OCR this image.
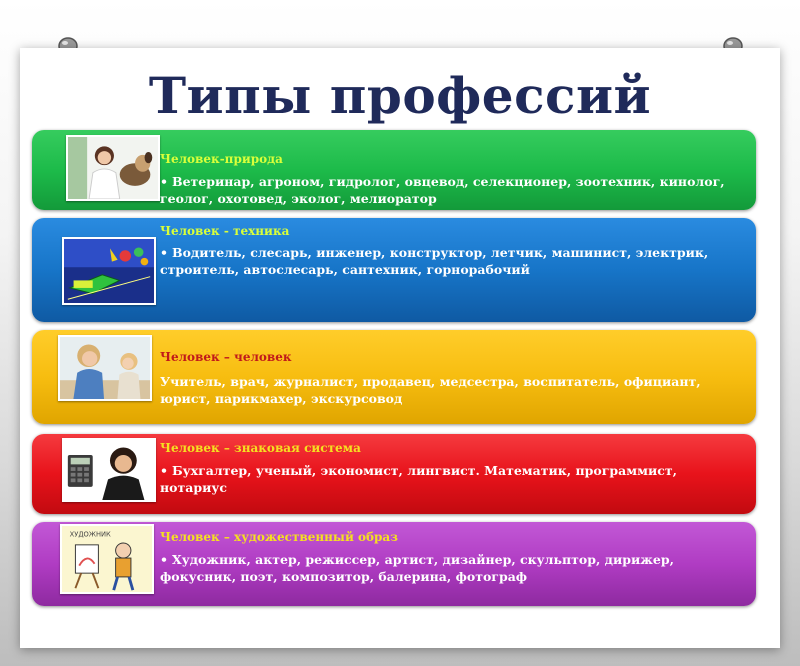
Типы профессий
Человек-природа
• Ветеринар, агроном, гидролог, овцевод, селекционер, зоотехник, кинолог, геолог, охотовед, эколог, мелиоратор
Человек - техника
• Водитель, слесарь, инженер, конструктор, летчик, машинист, электрик, строитель, автослесарь, сантехник, горнорабочий
Человек – человек
Учитель, врач, журналист, продавец, медсестра, воспитатель, официант, юрист, парикмахер, экскурсовод
Человек – знаковая система
• Бухгалтер, ученый, экономист, лингвист. Математик, программист, нотариус
ХУДОЖНИК	Человек – художественный образ
• Художник, актер, режиссер, артист, дизайнер, скульптор, дирижер, фокусник, поэт, композитор, балерина, фотограф
